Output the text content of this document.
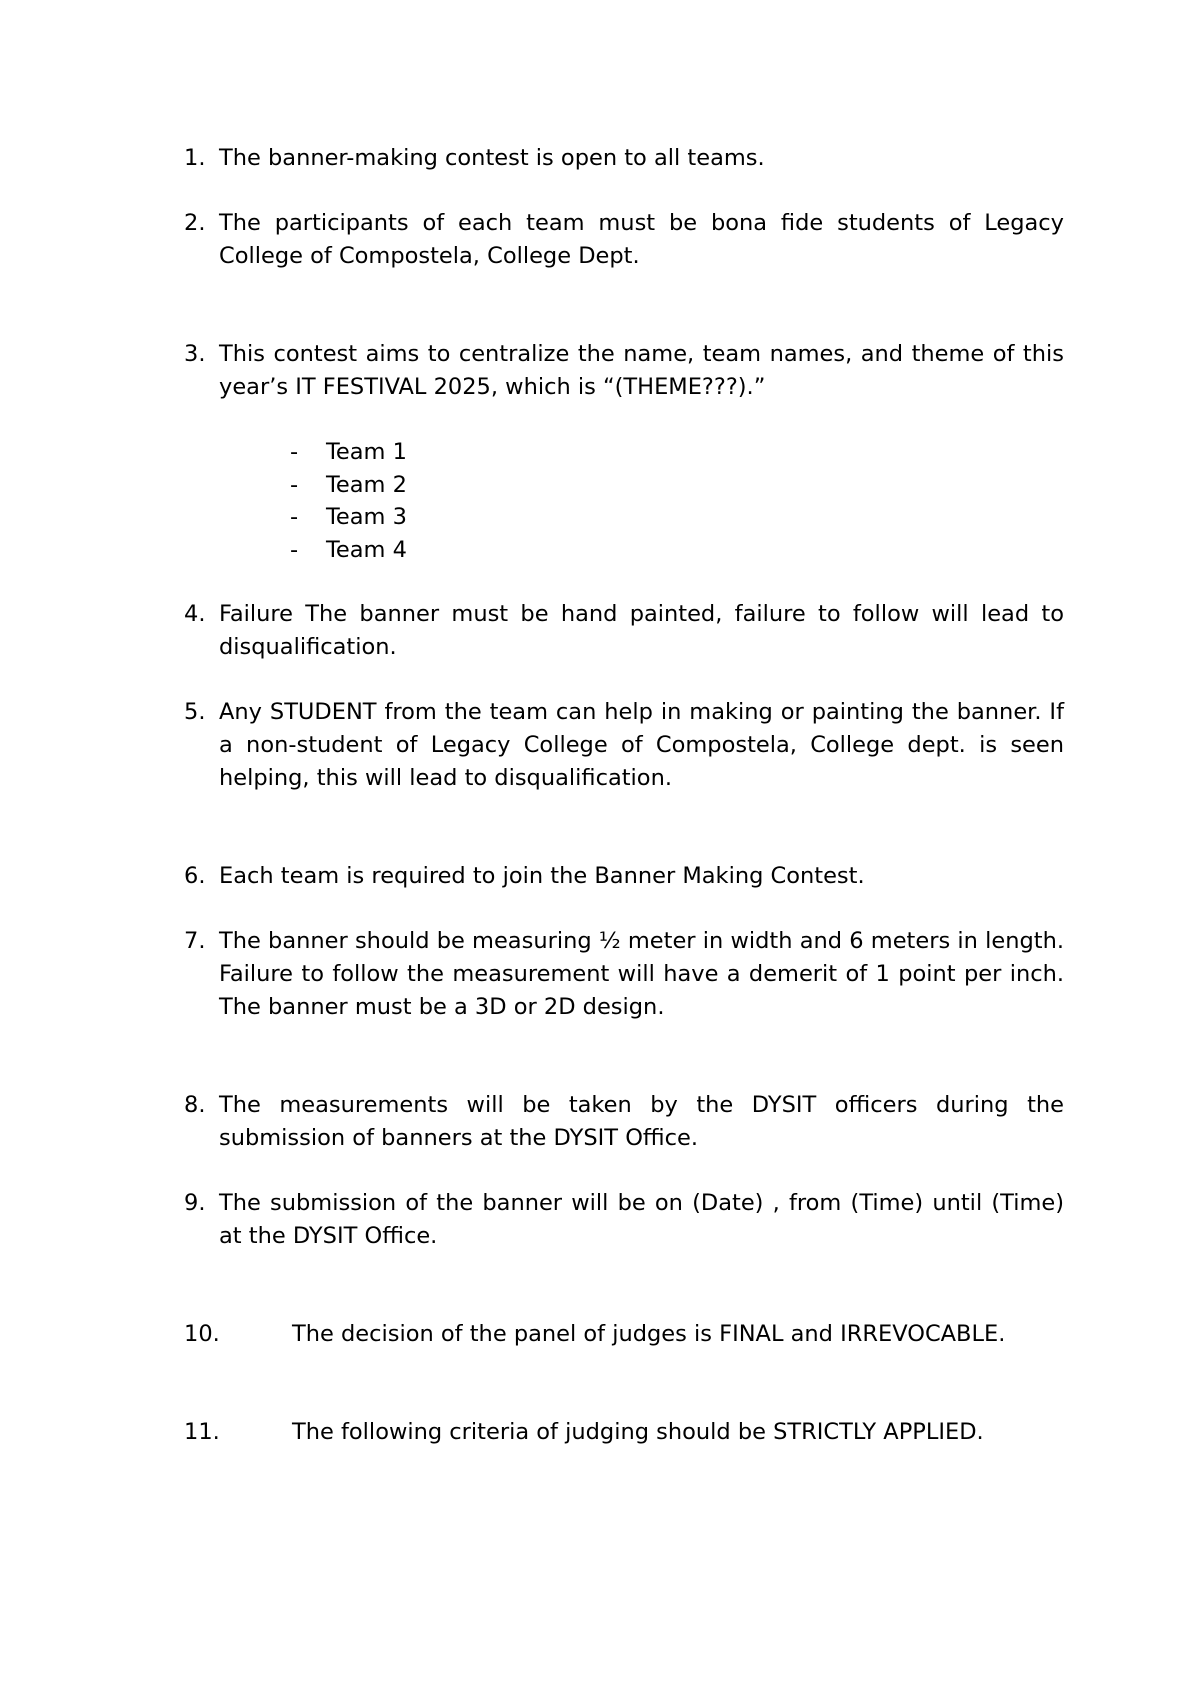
1. The banner-making contest is open to all teams.
2. The participants of each team must be bona fide students of Legacy College of Compostela, College Dept.
3. This contest aims to centralize the name, team names, and theme of this year’s IT FESTIVAL 2025, which is “(THEME???).”
- Team 1
- Team 2
- Team 3
- Team 4
4. Failure The banner must be hand painted, failure to follow will lead to disqualification.
5. Any STUDENT from the team can help in making or painting the banner. If a non-student of Legacy College of Compostela, College dept. is seen helping, this will lead to disqualification.
6. Each team is required to join the Banner Making Contest.
7. The banner should be measuring ½ meter in width and 6 meters in length. Failure to follow the measurement will have a demerit of 1 point per inch. The banner must be a 3D or 2D design.
8. The measurements will be taken by the DYSIT officers during the submission of banners at the DYSIT Office.
9. The submission of the banner will be on (Date) , from (Time) until (Time) at the DYSIT Office.
10.	The decision of the panel of judges is FINAL and IRREVOCABLE.
11.	The following criteria of judging should be STRICTLY APPLIED.
